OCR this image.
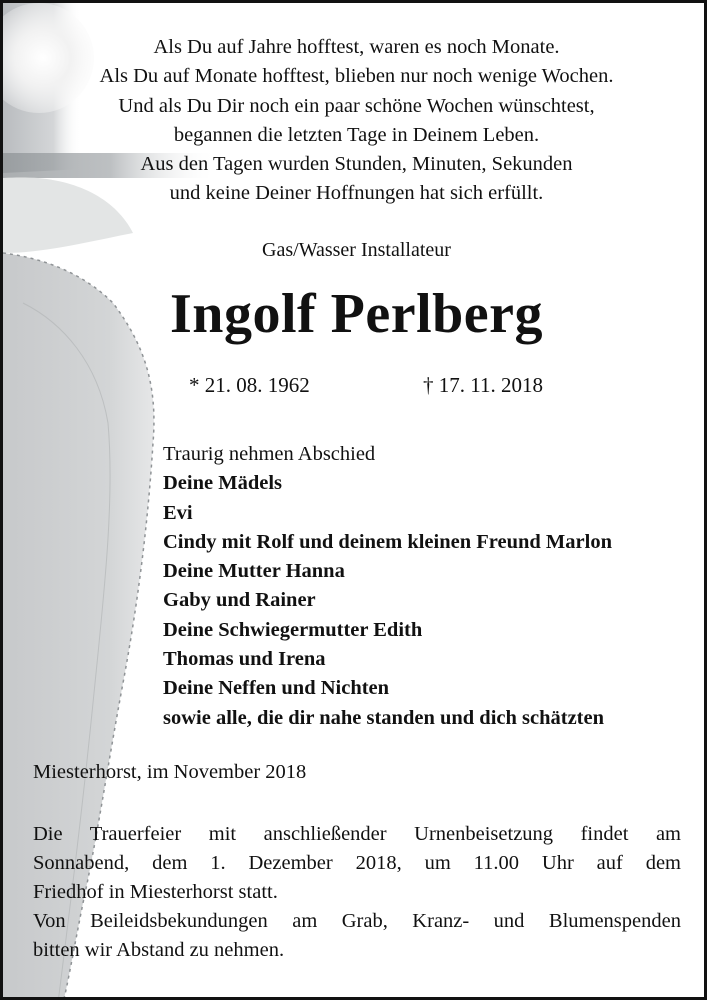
Als Du auf Jahre hofftest, waren es noch Monate.
Als Du auf Monate hofftest, blieben nur noch wenige Wochen.
Und als Du Dir noch ein paar schöne Wochen wünschtest,
begannen die letzten Tage in Deinem Leben.
Aus den Tagen wurden Stunden, Minuten, Sekunden
und keine Deiner Hoffnungen hat sich erfüllt.
Gas/Wasser Installateur
Ingolf Perlberg
* 21. 08. 1962	† 17. 11. 2018
Traurig nehmen Abschied
Deine Mädels
Evi
Cindy mit Rolf und deinem kleinen Freund Marlon
Deine Mutter Hanna
Gaby und Rainer
Deine Schwiegermutter Edith
Thomas und Irena
Deine Neffen und Nichten
sowie alle, die dir nahe standen und dich schätzten
Miesterhorst, im November 2018
Die Trauerfeier mit anschließender Urnenbeisetzung findet am
Sonnabend, dem 1. Dezember 2018, um 11.00 Uhr auf dem
Friedhof in Miesterhorst statt.
Von Beileidsbekundungen am Grab, Kranz- und Blumenspenden
bitten wir Abstand zu nehmen.
